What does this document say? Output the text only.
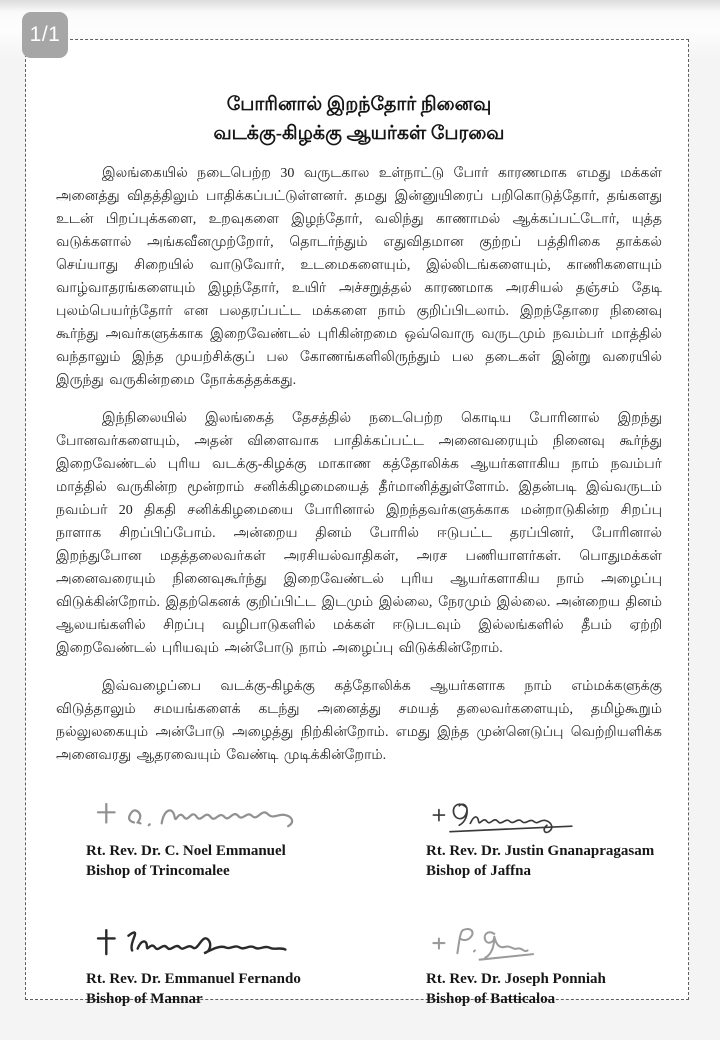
1/1
போரினால் இறந்தோர் நினைவு
வடக்கு-கிழக்கு ஆயர்கள் பேரவை

இலங்கையில் நடைபெற்ற 30 வருடகால உள்நாட்டு போர் காரணமாக எமது மக்கள் அனைத்து விதத்திலும் பாதிக்கப்பட்டுள்ளனர். தமது இன்னுயிரைப் பறிகொடுத்தோர், தங்களது உடன் பிறப்புக்களை, உறவுகளை இழந்தோர், வலிந்து காணாமல் ஆக்கப்பட்டோர், யுத்த வடுக்களால் அங்கவீனமுற்றோர், தொடர்ந்தும் எதுவிதமான குற்றப் பத்திரிகை தாக்கல் செய்யாது சிறையில் வாடுவோர், உடமைகளையும், இல்லிடங்களையும், காணிகளையும் வாழ்வாதரங்களையும் இழந்தோர், உயிர் அச்சறுத்தல் காரணமாக அரசியல் தஞ்சம் தேடி புலம்பெயர்ந்தோர் என பலதரப்பட்ட மக்களை நாம் குறிப்பிடலாம். இறந்தோரை நினைவு கூர்ந்து அவர்களுக்காக இறைவேண்டல் புரிகின்றமை ஒவ்வொரு வருடமும் நவம்பர் மாத்தில் வந்தாலும் இந்த முயற்சிக்குப் பல கோணங்களிலிருந்தும் பல தடைகள் இன்று வரையில் இருந்து வருகின்றமை நோக்கத்தக்கது.

இந்நிலையில் இலங்கைத் தேசத்தில் நடைபெற்ற கொடிய போரினால் இறந்து போனவர்களையும், அதன் விளைவாக பாதிக்கப்பட்ட அனைவரையும் நினைவு கூர்ந்து இறைவேண்டல் புரிய வடக்கு-கிழக்கு மாகாண கத்தோலிக்க ஆயர்களாகிய நாம் நவம்பர் மாத்தில் வருகின்ற மூன்றாம் சனிக்கிழமையைத் தீர்மானித்துள்ளோம். இதன்படி இவ்வருடம் நவம்பர் 20 திகதி சனிக்கிழமையை போரினால் இறந்தவர்களுக்காக மன்றாடுகின்ற சிறப்பு நாளாக சிறப்பிப்போம். அன்றைய தினம் போரில் ஈடுபட்ட தரப்பினர், போரினால் இறந்துபோன மதத்தலைவர்கள் அரசியல்வாதிகள், அரச பணியாளர்கள். பொதுமக்கள் அனைவரையும் நினைவுகூர்ந்து இறைவேண்டல் புரிய ஆயர்களாகிய நாம் அழைப்பு விடுக்கின்றோம். இதற்கெனக் குறிப்பிட்ட இடமும் இல்லை, நேரமும் இல்லை. அன்றைய தினம் ஆலயங்களில் சிறப்பு வழிபாடுகளில் மக்கள் ஈடுபடவும் இல்லங்களில் தீபம் ஏற்றி இறைவேண்டல் புரியவும் அன்போடு நாம் அழைப்பு விடுக்கின்றோம்.

இவ்வழைப்பை வடக்கு-கிழக்கு கத்தோலிக்க ஆயர்களாக நாம் எம்மக்களுக்கு விடுத்தாலும் சமயங்களைக் கடந்து அனைத்து சமயத் தலைவர்களையும், தமிழ்கூறும் நல்லுலகையும் அன்போடு அழைத்து நிற்கின்றோம். எமது இந்த முன்னெடுப்பு வெற்றியளிக்க அனைவரது ஆதரவையும் வேண்டி முடிக்கின்றோம்.

Rt. Rev. Dr. C. Noel Emmanuel
Bishop of Trincomalee
Rt. Rev. Dr. Justin Gnanapragasam
Bishop of Jaffna
Rt. Rev. Dr. Emmanuel Fernando
Bishop of Mannar
Rt. Rev. Dr. Joseph Ponniah
Bishop of Batticaloa
